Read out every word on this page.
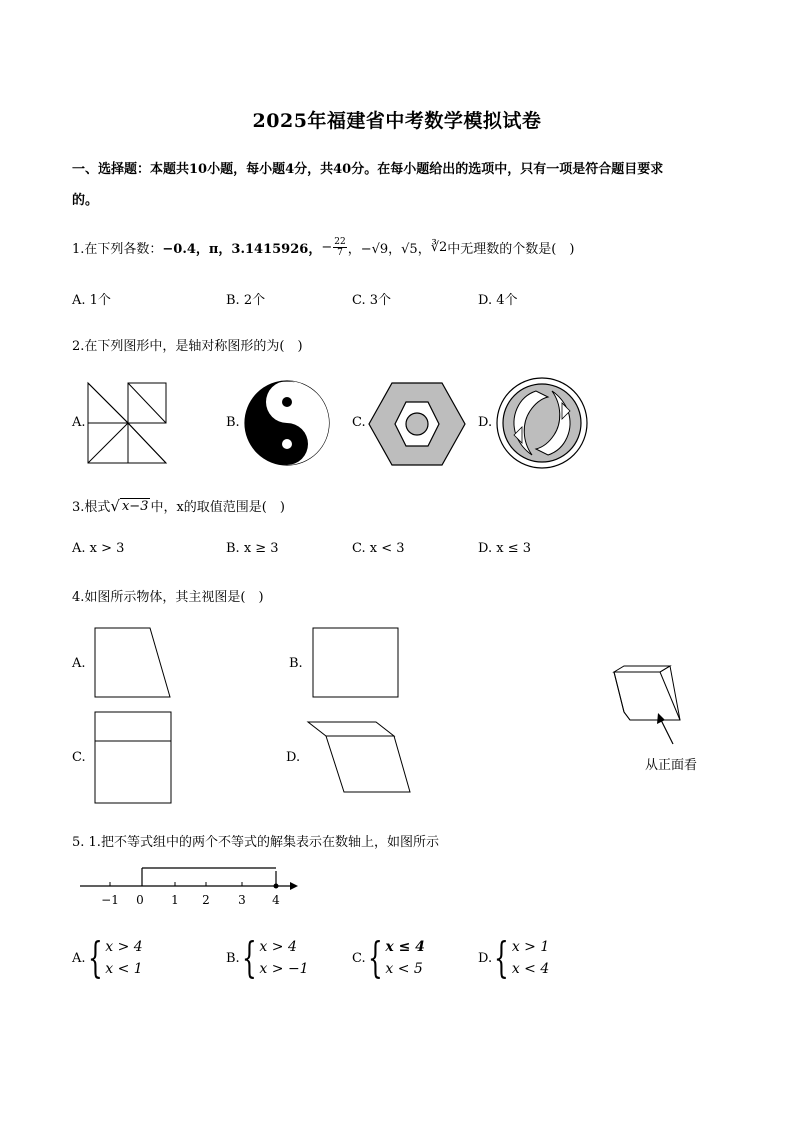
2025年福建省中考数学模拟试卷
一、选择题：本题共10小题，每小题4分，共40分。在每小题给出的选项中，只有一项是符合题目要求
的。
1.在下列各数： −0.4，π，3.1415926， − $\frac{22}{7}$ ， −√9，√5， ∛2 中无理数的个数是(　)
A. 1个	B. 2个	C. 3个	D. 4个
2.在下列图形中，是轴对称图形的为(　)
A.	B.	C.	D.
3.根式 √ x−3 中，x的取值范围是(　)
A. x > 3	B. x ≥ 3	C. x < 3	D. x ≤ 3
4.如图所示物体，其主视图是(　)
A.	B.
C.	D.
从正面看
5. 1.把不等式组中的两个不等式的解集表示在数轴上，如图所示
−1 0 1 2 3 4
A. { x > 4
x < 1
B. { x > 4
x > −1
C. { x ≤ 4
x < 5
D. { x > 1
x < 4
